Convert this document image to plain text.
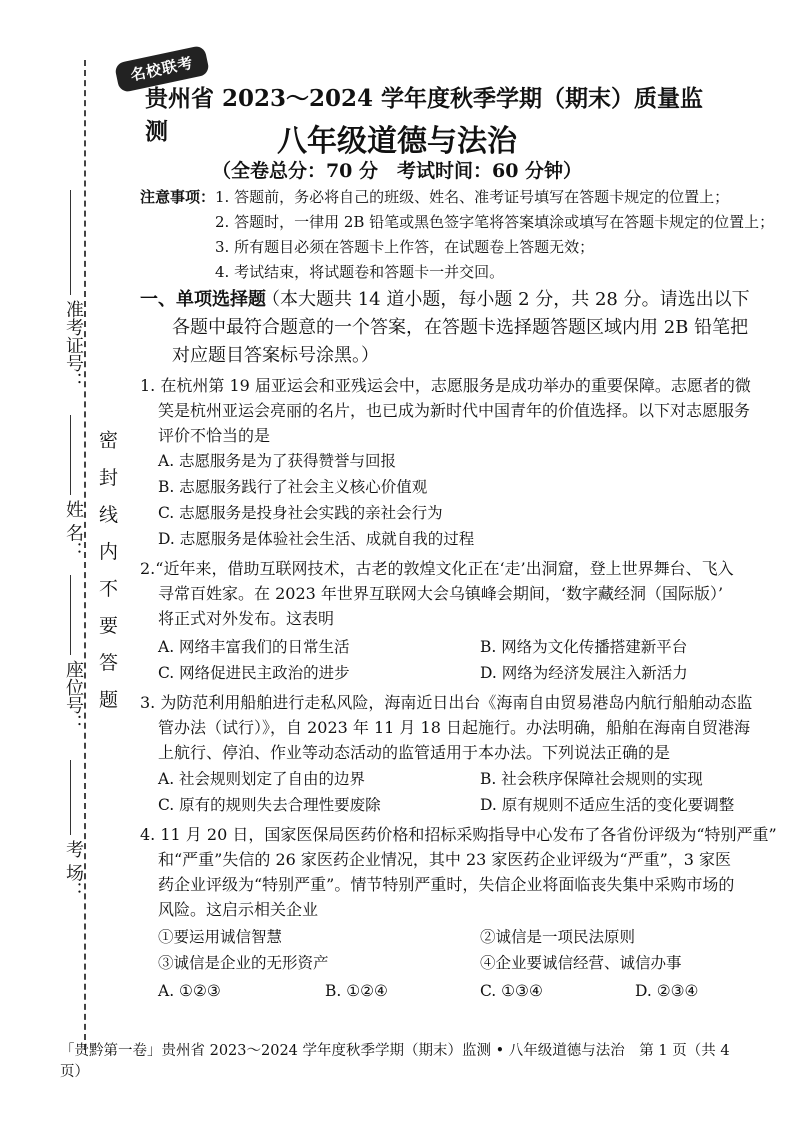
密 封 线 内 不 要 答 题
准考证号：
姓 名：
座位号：
考 场：
名校联考
贵州省 2023～2024 学年度秋季学期（期末）质量监测	八年级道德与法治
（全卷总分：70 分　考试时间：60 分钟）
注意事项： 1. 答题前，务必将自己的班级、姓名、准考证号填写在答题卡规定的位置上；
2. 答题时，一律用 2B 铅笔或黑色签字笔将答案填涂或填写在答题卡规定的位置上；
3. 所有题目必须在答题卡上作答，在试题卷上答题无效；
4. 考试结束，将试题卷和答题卡一并交回。
一、单项选择题
（本大题共 14 道小题，每小题 2 分，共 28 分。请选出以下
各题中最符合题意的一个答案，在答题卡选择题答题区域内用 2B 铅笔把
对应题目答案标号涂黑。）
1. 在杭州第 19 届亚运会和亚残运会中，志愿服务是成功举办的重要保障。志愿者的微
笑是杭州亚运会亮丽的名片，也已成为新时代中国青年的价值选择。以下对志愿服务
评价不恰当的是
A. 志愿服务是为了获得赞誉与回报
B. 志愿服务践行了社会主义核心价值观
C. 志愿服务是投身社会实践的亲社会行为
D. 志愿服务是体验社会生活、成就自我的过程
2.“近年来，借助互联网技术，古老的敦煌文化正在‘走’出洞窟，登上世界舞台、飞入
寻常百姓家。在 2023 年世界互联网大会乌镇峰会期间，‘数字藏经洞（国际版）’
将正式对外发布。这表明
A. 网络丰富我们的日常生活	B. 网络为文化传播搭建新平台
C. 网络促进民主政治的进步	D. 网络为经济发展注入新活力
3. 为防范利用船舶进行走私风险，海南近日出台《海南自由贸易港岛内航行船舶动态监
管办法（试行）》，自 2023 年 11 月 18 日起施行。办法明确，船舶在海南自贸港海
上航行、停泊、作业等动态活动的监管适用于本办法。下列说法正确的是
A. 社会规则划定了自由的边界	B. 社会秩序保障社会规则的实现
C. 原有的规则失去合理性要废除	D. 原有规则不适应生活的变化要调整
4. 11 月 20 日，国家医保局医药价格和招标采购指导中心发布了各省份评级为“特别严重”
和“严重”失信的 26 家医药企业情况，其中 23 家医药企业评级为“严重”，3 家医
药企业评级为“特别严重”。情节特别严重时，失信企业将面临丧失集中采购市场的
风险。这启示相关企业
①要运用诚信智慧	②诚信是一项民法原则
③诚信是企业的无形资产	④企业要诚信经营、诚信办事
A. ①②③	B. ①②④	C. ①③④	D. ②③④
「贵黔第一卷」贵州省 2023～2024 学年度秋季学期（期末）监测 • 八年级道德与法治　第 1 页（共 4 页）
